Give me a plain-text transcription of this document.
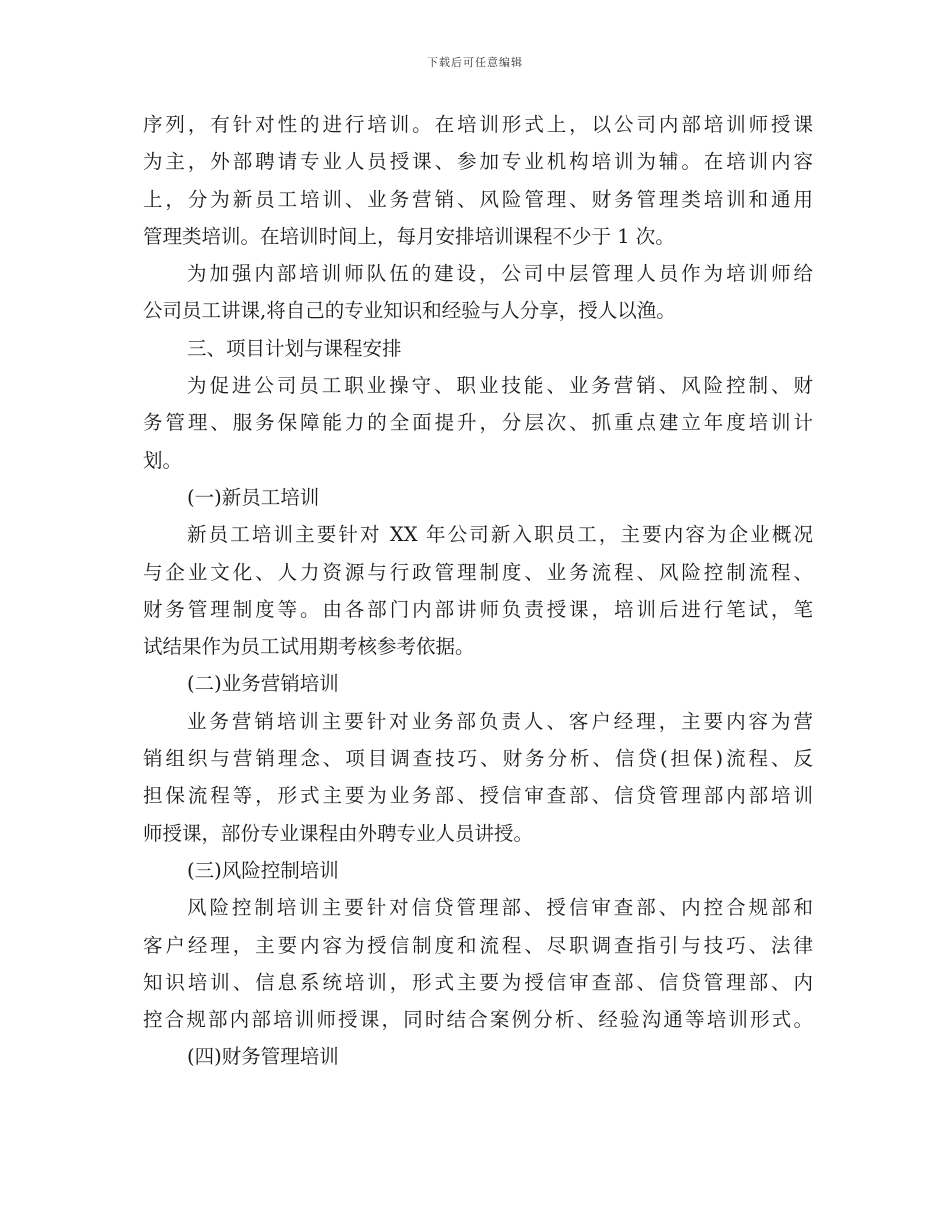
下载后可任意编辑
序列，有针对性的进行培训。在培训形式上，以公司内部培训师授课
为主，外部聘请专业人员授课、参加专业机构培训为辅。在培训内容
上，分为新员工培训、业务营销、风险管理、财务管理类培训和通用
管理类培训。在培训时间上，每月安排培训课程不少于 1 次。
为加强内部培训师队伍的建设，公司中层管理人员作为培训师给
公司员工讲课,将自己的专业知识和经验与人分享，授人以渔。
三、项目计划与课程安排
为促进公司员工职业操守、职业技能、业务营销、风险控制、财
务管理、服务保障能力的全面提升，分层次、抓重点建立年度培训计
划。
(一)新员工培训
新员工培训主要针对 XX 年公司新入职员工，主要内容为企业概况
与企业文化、人力资源与行政管理制度、业务流程、风险控制流程、
财务管理制度等。由各部门内部讲师负责授课，培训后进行笔试，笔
试结果作为员工试用期考核参考依据。
(二)业务营销培训
业务营销培训主要针对业务部负责人、客户经理，主要内容为营
销组织与营销理念、项目调查技巧、财务分析、信贷(担保)流程、反
担保流程等，形式主要为业务部、授信审查部、信贷管理部内部培训
师授课，部份专业课程由外聘专业人员讲授。
(三)风险控制培训
风险控制培训主要针对信贷管理部、授信审查部、内控合规部和
客户经理，主要内容为授信制度和流程、尽职调查指引与技巧、法律
知识培训、信息系统培训，形式主要为授信审查部、信贷管理部、内
控合规部内部培训师授课，同时结合案例分析、经验沟通等培训形式。
(四)财务管理培训
